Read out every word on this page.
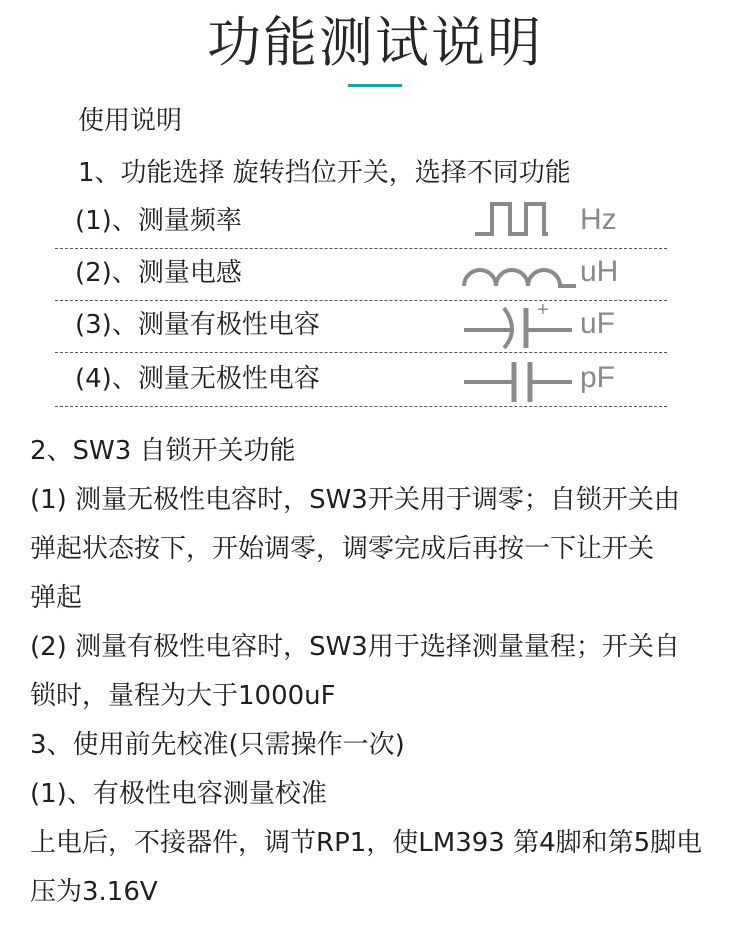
功能测试说明
使用说明
1、功能选择 旋转挡位开关，选择不同功能
(1)、测量频率	Hz
(2)、测量电感	uH
(3)、测量有极性电容	+ uF
(4)、测量无极性电容	pF
2、SW3 自锁开关功能
(1) 测量无极性电容时，SW3开关用于调零；自锁开关由
弹起状态按下，开始调零，调零完成后再按一下让开关
弹起
(2) 测量有极性电容时，SW3用于选择测量量程；开关自
锁时，量程为大于1000uF
3、使用前先校准(只需操作一次)
(1)、有极性电容测量校准
上电后，不接器件，调节RP1，使LM393 第4脚和第5脚电
压为3.16V
